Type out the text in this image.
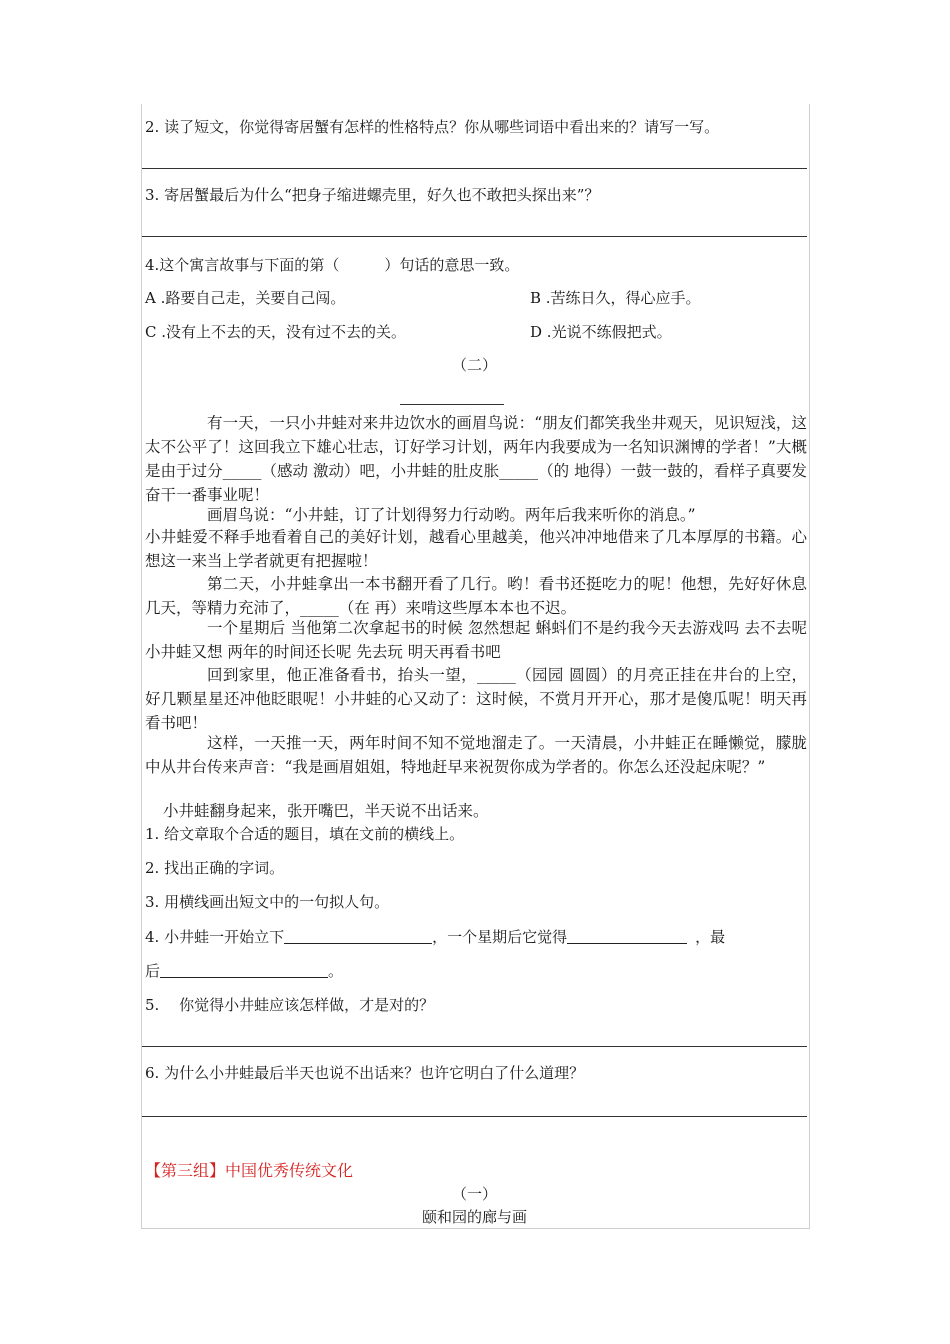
2. 读了短文，你觉得寄居蟹有怎样的性格特点？你从哪些词语中看出来的？请写一写。
3. 寄居蟹最后为什么“把身子缩进螺壳里，好久也不敢把头探出来”？
4.这个寓言故事与下面的第（　　　）句话的意思一致。
A .路要自己走，关要自己闯。	B .苦练日久，得心应手。
C .没有上不去的天，没有过不去的关。	D .光说不练假把式。
（二）
有一天，一只小井蛙对来井边饮水的画眉鸟说：“朋友们都笑我坐井观天，见识短浅，这太不公平了！这回我立下雄心壮志，订好学习计划，两年内我要成为一名知识渊博的学者！”大概是由于过分_____（感动 激动）吧，小井蛙的肚皮胀_____（的 地得）一鼓一鼓的，看样子真要发奋干一番事业呢！
画眉鸟说：“小井蛙，订了计划得努力行动哟。两年后我来听你的消息。”
小井蛙爱不释手地看着自己的美好计划，越看心里越美，他兴冲冲地借来了几本厚厚的书籍。心想这一来当上学者就更有把握啦！
第二天，小井蛙拿出一本书翻开看了几行。哟！看书还挺吃力的呢！他想，先好好休息几天，等精力充沛了，_____（在 再）来啃这些厚本本也不迟。
一个星期后 当他第二次拿起书的时候 忽然想起 蝌蚪们不是约我今天去游戏吗 去不去呢 小井蛙又想 两年的时间还长呢 先去玩 明天再看书吧
回到家里，他正准备看书，抬头一望，_____（园园 圆圆）的月亮正挂在井台的上空，好几颗星星还冲他眨眼呢！小井蛙的心又动了：这时候，不赏月开开心，那才是傻瓜呢！明天再看书吧！
这样，一天推一天，两年时间不知不觉地溜走了。一天清晨，小井蛙正在睡懒觉，朦胧中从井台传来声音：“我是画眉姐姐，特地赶早来祝贺你成为学者的。你怎么还没起床呢？”
小井蛙翻身起来，张开嘴巴，半天说不出话来。
1. 给文章取个合适的题目，填在文前的横线上。
2. 找出正确的字词。
3. 用横线画出短文中的一句拟人句。
4. 小井蛙一开始立下	，一个星期后它觉得	，最
后	。
5.　 你觉得小井蛙应该怎样做，才是对的？
6. 为什么小井蛙最后半天也说不出话来？也许它明白了什么道理？
【第三组】中国优秀传统文化
（一）
颐和园的廊与画
